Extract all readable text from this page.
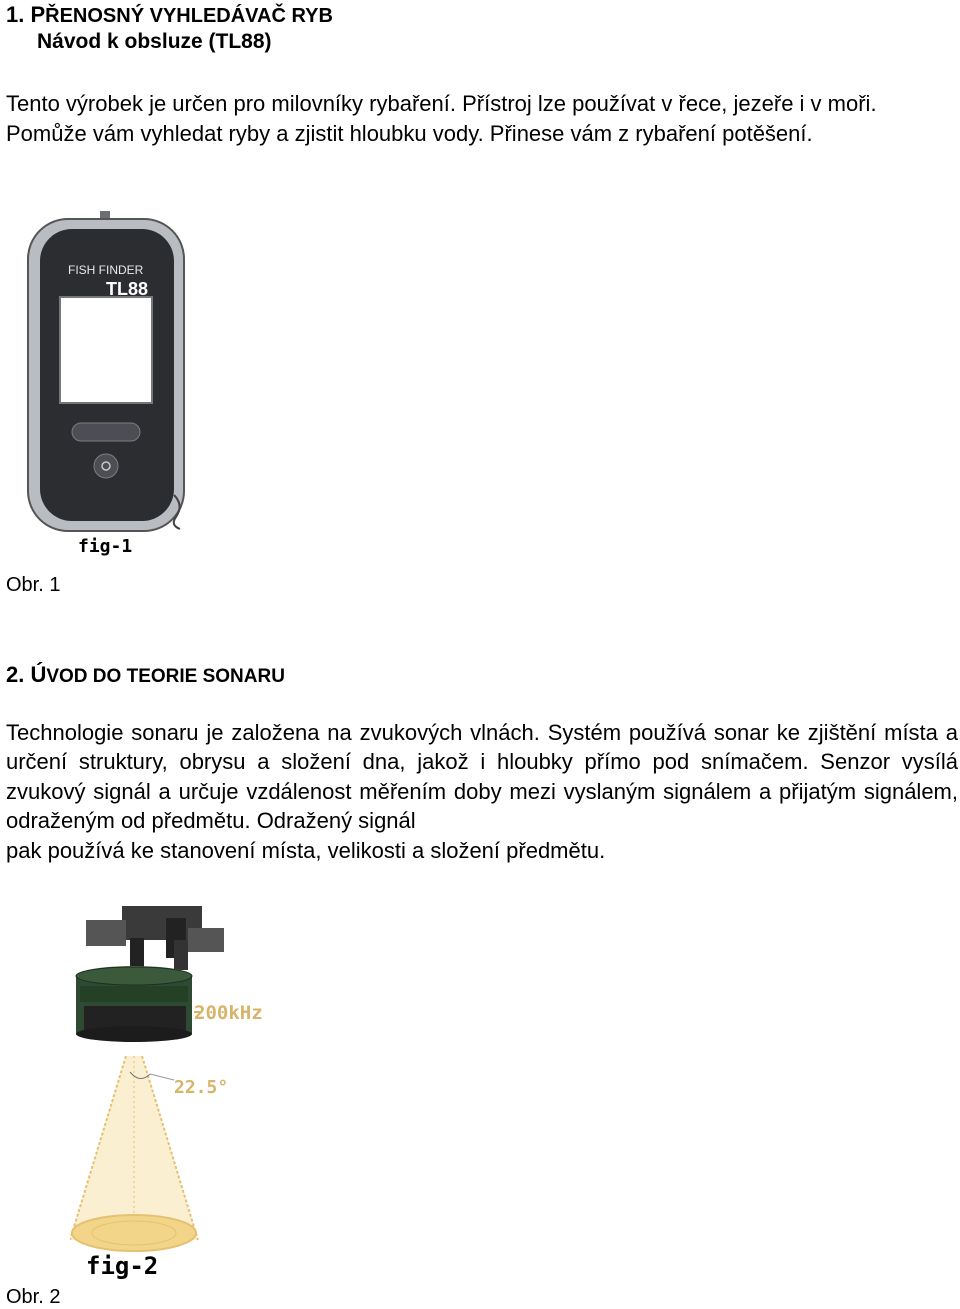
1. PŘENOSNÝ VYHLEDÁVAČ RYB
Návod k obsluze (TL88)
Tento výrobek je určen pro milovníky rybaření. Přístroj lze používat v řece, jezeře i v moři. Pomůže vám vyhledat ryby a zjistit hloubku vody. Přinese vám z rybaření potěšení.
FISH FINDER
TL88
fig-1
Obr. 1
2. ÚVOD DO TEORIE SONARU
Technologie sonaru je založena na zvukových vlnách. Systém používá sonar ke zjištění místa a určení struktury, obrysu a složení dna, jakož i hloubky přímo pod snímačem. Senzor vysílá zvukový signál a určuje vzdálenost měřením doby mezi vyslaným signálem a přijatým signálem, odraženým od předmětu. Odražený signál
pak používá ke stanovení místa, velikosti a složení předmětu.
200kHz
22.5°
fig-2
Obr. 2
